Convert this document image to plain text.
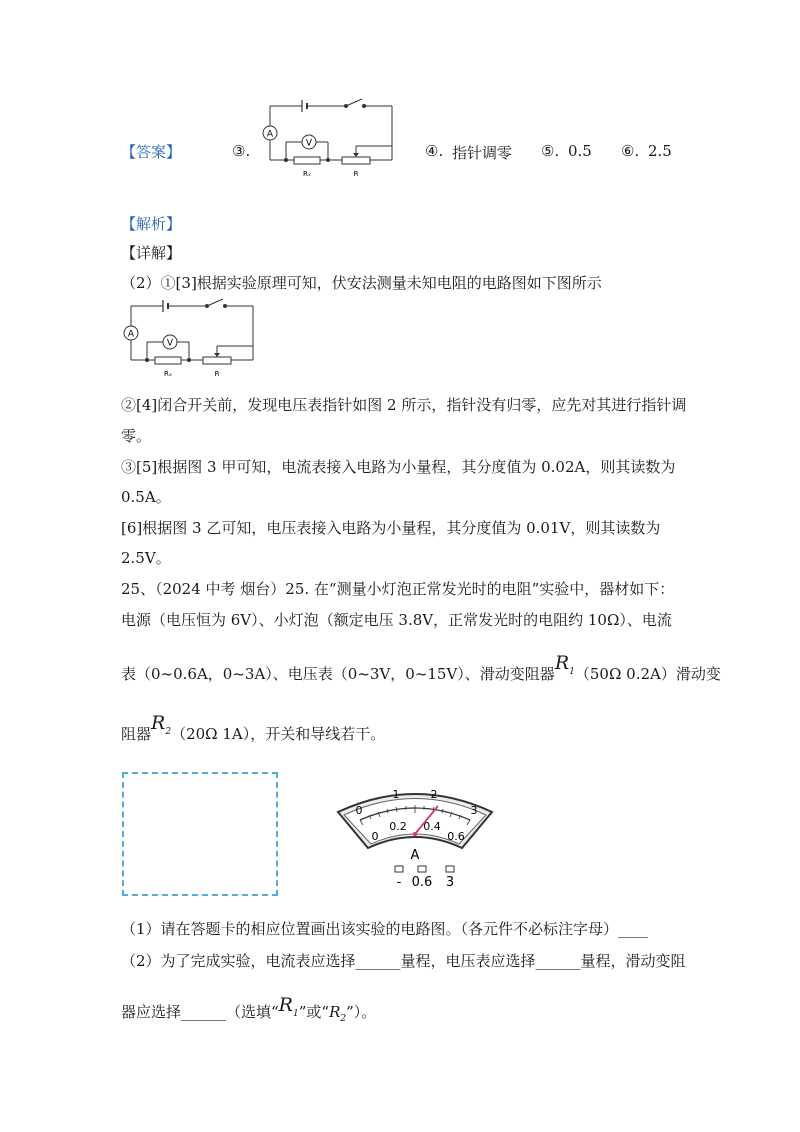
【答案】	③.
A
V
Rₓ	R
④. 指针调零 ⑤. 0.5 ⑥. 2.5
【解析】
【详解】
（2）①[3]根据实验原理可知，伏安法测量未知电阻的电路图如下图所示
A
V
Rₓ	R
②[4]闭合开关前，发现电压表指针如图 2 所示，指针没有归零，应先对其进行指针调
零。
③[5]根据图 3 甲可知，电流表接入电路为小量程，其分度值为 0.02A，则其读数为
0.5A。
[6]根据图 3 乙可知，电压表接入电路为小量程，其分度值为 0.01V，则其读数为
2.5V。
25、（2024 中考 烟台）25. 在“测量小灯泡正常发光时的电阻”实验中，器材如下：
电源（电压恒为 6V）、小灯泡（额定电压 3.8V，正常发光时的电阻约 10Ω）、电流
表（0~0.6A，0~3A）、电压表（0~3V，0~15V）、滑动变阻器$R_1(50\Omega$ 0.2A）滑动变
阻器$R_2(20\Omega$ 1A），开关和导线若干。
0
1	2
3
0
0.2 0.4
0.6
A
- 0.6 3
（1）请在答题卡的相应位置画出该实验的电路图。（各元件不必标注字母）____
（2）为了完成实验，电流表应选择______量程，电压表应选择______量程，滑动变阻
器应选择______（选填“$R_1$”或“$R_2$”）。
